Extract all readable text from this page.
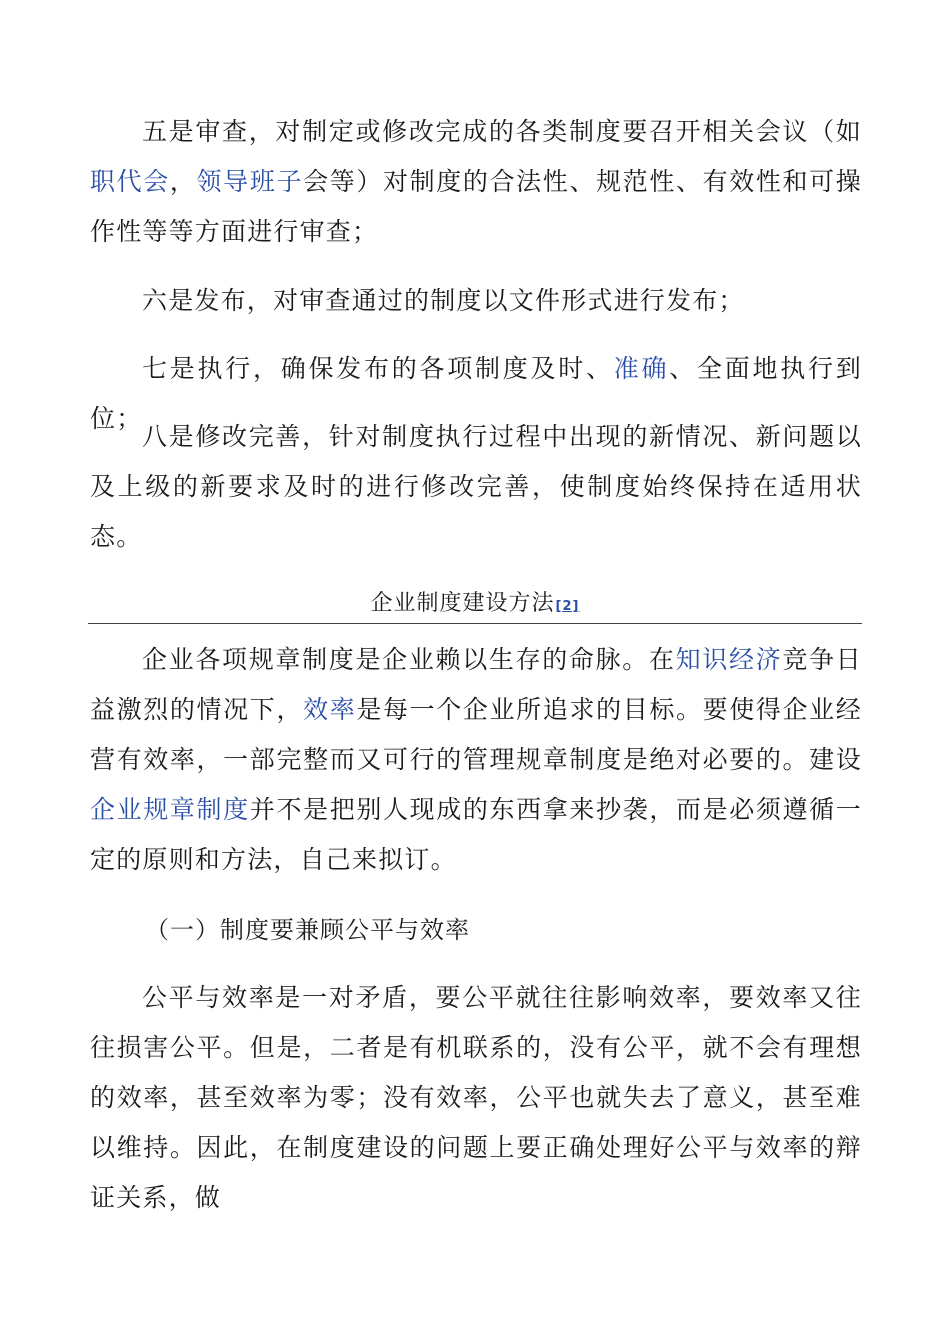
五是审查，对制定或修改完成的各类制度要召开相关会议（如职代会，领导班子会等）对制度的合法性、规范性、有效性和可操作性等等方面进行审查；

六是发布，对审查通过的制度以文件形式进行发布；

七是执行，确保发布的各项制度及时、准确、全面地执行到位；

八是修改完善，针对制度执行过程中出现的新情况、新问题以及上级的新要求及时的进行修改完善，使制度始终保持在适用状态。

企业制度建设方法[2]

企业各项规章制度是企业赖以生存的命脉。在知识经济竞争日益激烈的情况下，效率是每一个企业所追求的目标。要使得企业经营有效率，一部完整而又可行的管理规章制度是绝对必要的。建设企业规章制度并不是把别人现成的东西拿来抄袭，而是必须遵循一定的原则和方法，自己来拟订。

（一）制度要兼顾公平与效率

公平与效率是一对矛盾，要公平就往往影响效率，要效率又往往损害公平。但是，二者是有机联系的，没有公平，就不会有理想的效率，甚至效率为零；没有效率，公平也就失去了意义，甚至难以维持。因此，在制度建设的问题上要正确处理好公平与效率的辩证关系，做
